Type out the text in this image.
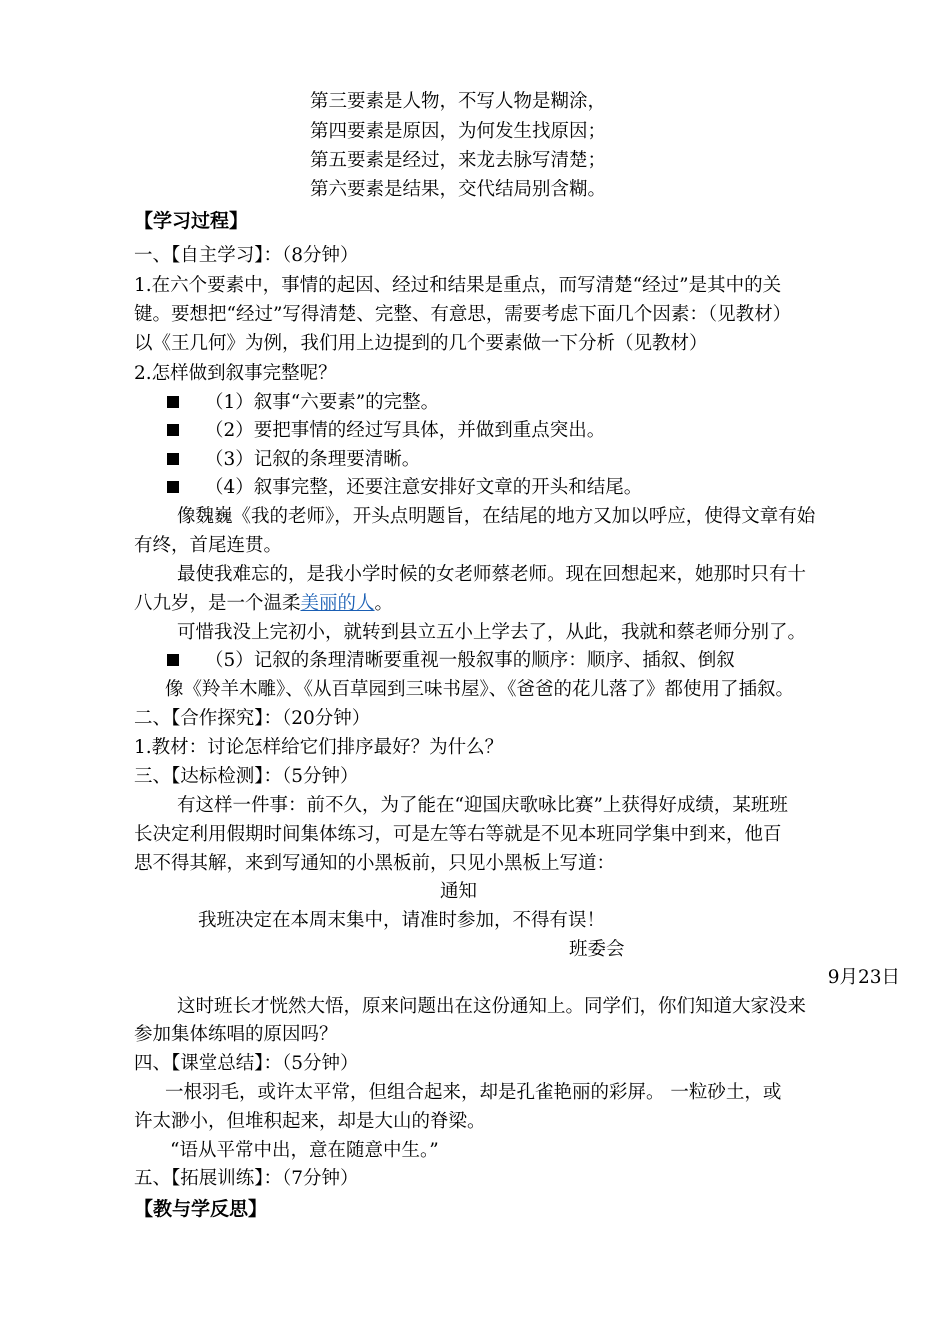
第三要素是人物，不写人物是糊涂，
第四要素是原因，为何发生找原因；
第五要素是经过，来龙去脉写清楚；
第六要素是结果，交代结局别含糊。
【学习过程】
一、【自主学习】：（8分钟）
1.在六个要素中，事情的起因、经过和结果是重点，而写清楚“经过”是其中的关
键。要想把“经过”写得清楚、完整、有意思，需要考虑下面几个因素：（见教材）
以《王几何》为例，我们用上边提到的几个要素做一下分析（见教材）
2.怎样做到叙事完整呢？
（1）叙事“六要素”的完整。
（2）要把事情的经过写具体，并做到重点突出。
（3）记叙的条理要清晰。
（4）叙事完整，还要注意安排好文章的开头和结尾。
像魏巍《我的老师》，开头点明题旨，在结尾的地方又加以呼应，使得文章有始
有终，首尾连贯。
最使我难忘的，是我小学时候的女老师蔡老师。现在回想起来，她那时只有十
八九岁，是一个温柔美丽的人。
可惜我没上完初小，就转到县立五小上学去了，从此，我就和蔡老师分别了。
（5）记叙的条理清晰要重视一般叙事的顺序：顺序、插叙、倒叙
像《羚羊木雕》、《从百草园到三味书屋》、《爸爸的花儿落了》都使用了插叙。
二、【合作探究】：（20分钟）
1.教材：讨论怎样给它们排序最好？为什么？
三、【达标检测】：（5分钟）
有这样一件事：前不久，为了能在“迎国庆歌咏比赛”上获得好成绩，某班班
长决定利用假期时间集体练习，可是左等右等就是不见本班同学集中到来，他百
思不得其解，来到写通知的小黑板前，只见小黑板上写道：
通知
我班决定在本周末集中，请准时参加，不得有误！
班委会
9月23日
这时班长才恍然大悟，原来问题出在这份通知上。同学们，你们知道大家没来
参加集体练唱的原因吗？
四、【课堂总结】：（5分钟）
一根羽毛，或许太平常，但组合起来，却是孔雀艳丽的彩屏。 一粒砂土，或
许太渺小，但堆积起来，却是大山的脊梁。
“语从平常中出，意在随意中生。”
五、【拓展训练】：（7分钟）
【教与学反思】
